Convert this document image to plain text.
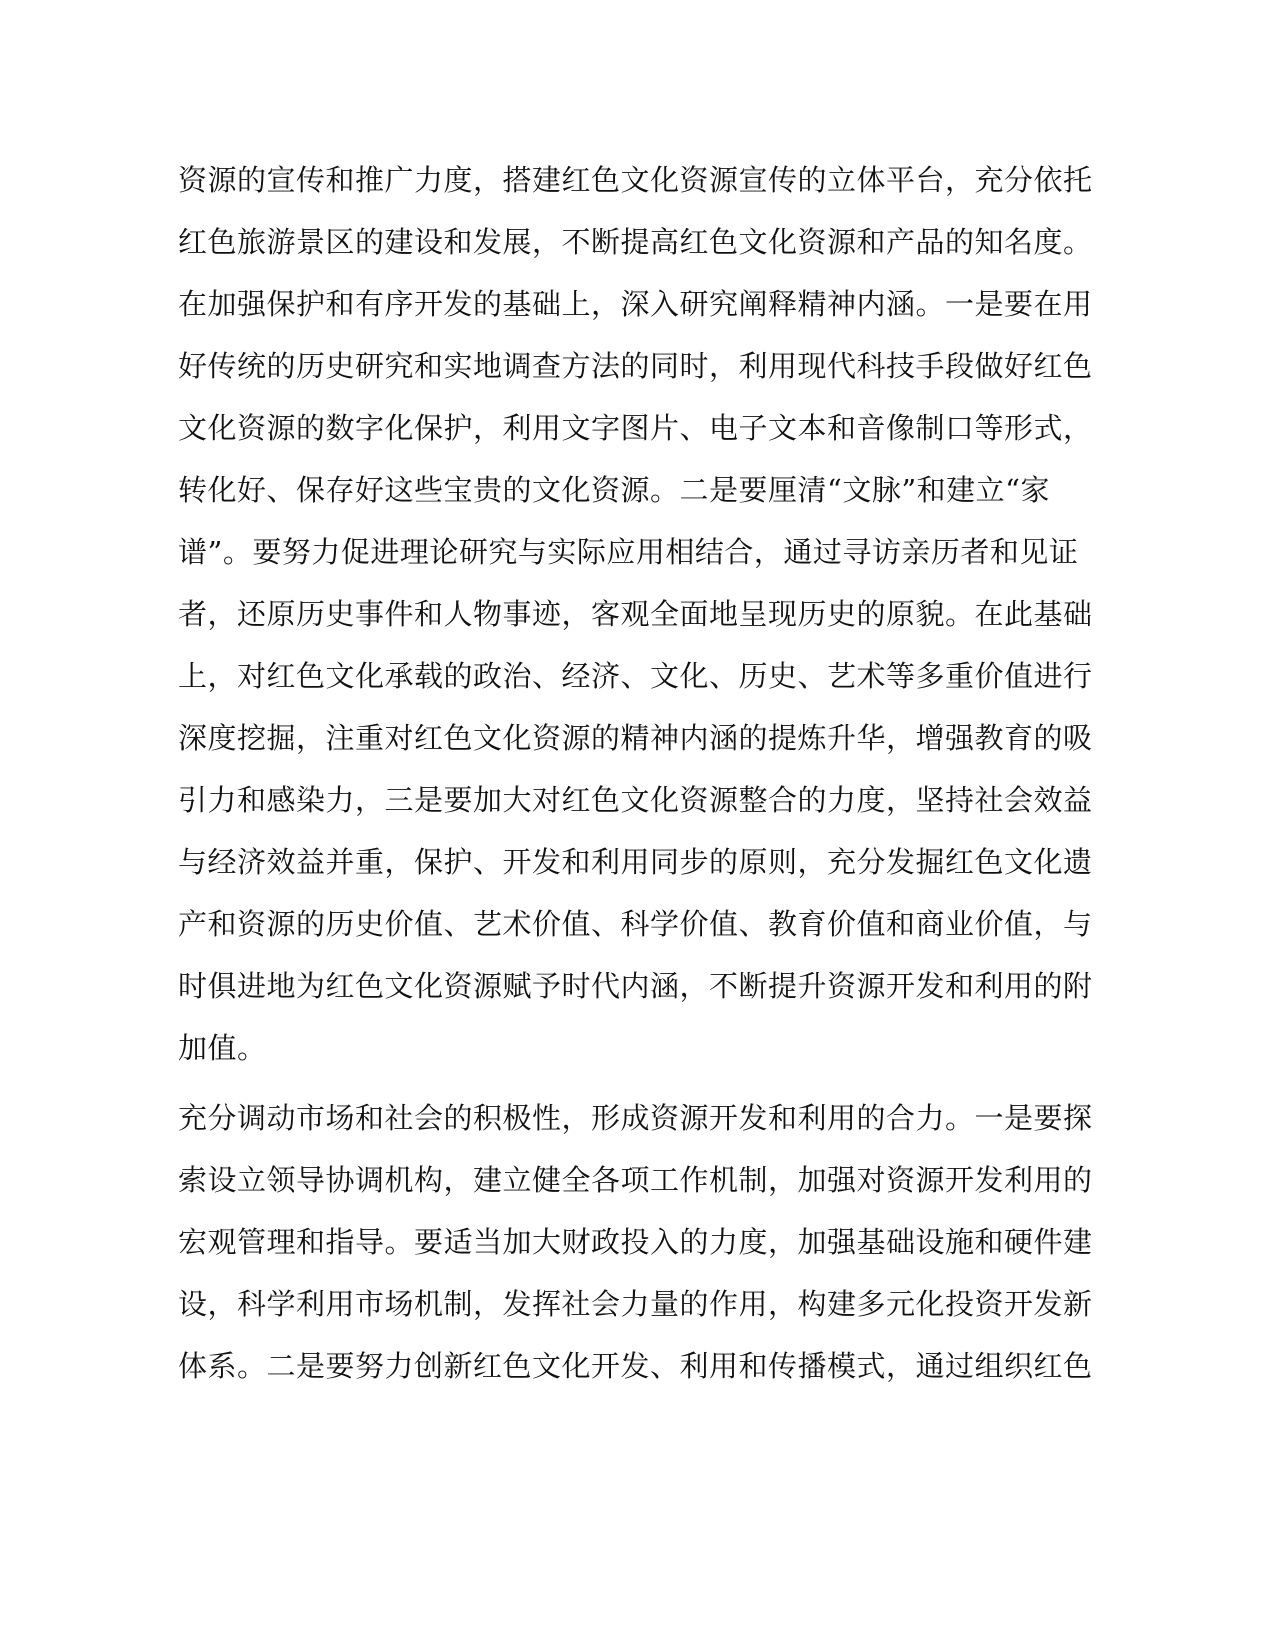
资源的宣传和推广力度，搭建红色文化资源宣传的立体平台，充分依托
红色旅游景区的建设和发展，不断提高红色文化资源和产品的知名度。
在加强保护和有序开发的基础上，深入研究阐释精神内涵。一是要在用
好传统的历史研究和实地调查方法的同时，利用现代科技手段做好红色
文化资源的数字化保护，利用文字图片、电子文本和音像制口等形式，
转化好、保存好这些宝贵的文化资源。二是要厘清“文脉”和建立“家
谱”。要努力促进理论研究与实际应用相结合，通过寻访亲历者和见证
者，还原历史事件和人物事迹，客观全面地呈现历史的原貌。在此基础
上，对红色文化承载的政治、经济、文化、历史、艺术等多重价值进行
深度挖掘，注重对红色文化资源的精神内涵的提炼升华，增强教育的吸
引力和感染力，三是要加大对红色文化资源整合的力度，坚持社会效益
与经济效益并重，保护、开发和利用同步的原则，充分发掘红色文化遗
产和资源的历史价值、艺术价值、科学价值、教育价值和商业价值，与
时俱进地为红色文化资源赋予时代内涵，不断提升资源开发和利用的附
加值。
充分调动市场和社会的积极性，形成资源开发和利用的合力。一是要探
索设立领导协调机构，建立健全各项工作机制，加强对资源开发利用的
宏观管理和指导。要适当加大财政投入的力度，加强基础设施和硬件建
设，科学利用市场机制，发挥社会力量的作用，构建多元化投资开发新
体系。二是要努力创新红色文化开发、利用和传播模式，通过组织红色
